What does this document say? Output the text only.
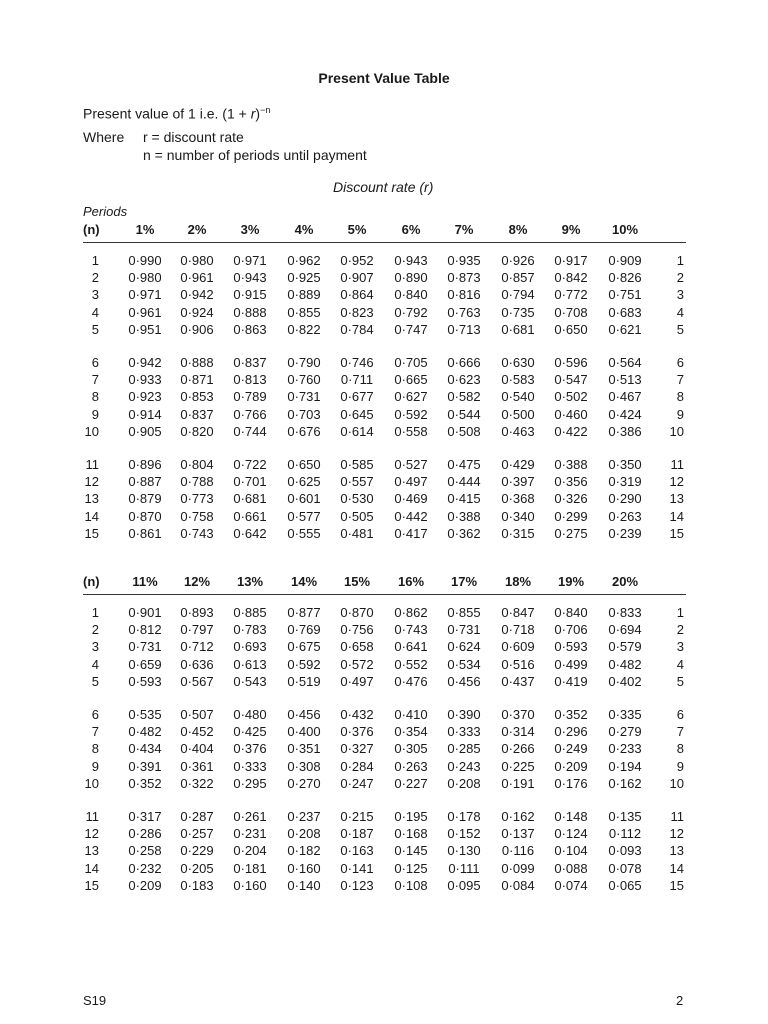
Present Value Table
Present value of 1 i.e. $(1 + r)^{-n}$
Where r = discount rate
n = number of periods until payment
Discount rate (r)
Periods
(n)	1%	2%	3%	4%	5%	6%	7%	8%	9%	10%
1	0·990	0·980	0·971	0·962	0·952	0·943	0·935	0·926	0·917	0·909	1
2	0·980	0·961	0·943	0·925	0·907	0·890	0·873	0·857	0·842	0·826	2
3	0·971	0·942	0·915	0·889	0·864	0·840	0·816	0·794	0·772	0·751	3
4	0·961	0·924	0·888	0·855	0·823	0·792	0·763	0·735	0·708	0·683	4
5	0·951	0·906	0·863	0·822	0·784	0·747	0·713	0·681	0·650	0·621	5
6	0·942	0·888	0·837	0·790	0·746	0·705	0·666	0·630	0·596	0·564	6
7	0·933	0·871	0·813	0·760	0·711	0·665	0·623	0·583	0·547	0·513	7
8	0·923	0·853	0·789	0·731	0·677	0·627	0·582	0·540	0·502	0·467	8
9	0·914	0·837	0·766	0·703	0·645	0·592	0·544	0·500	0·460	0·424	9
10	0·905	0·820	0·744	0·676	0·614	0·558	0·508	0·463	0·422	0·386	10
11	0·896	0·804	0·722	0·650	0·585	0·527	0·475	0·429	0·388	0·350	11
12	0·887	0·788	0·701	0·625	0·557	0·497	0·444	0·397	0·356	0·319	12
13	0·879	0·773	0·681	0·601	0·530	0·469	0·415	0·368	0·326	0·290	13
14	0·870	0·758	0·661	0·577	0·505	0·442	0·388	0·340	0·299	0·263	14
15	0·861	0·743	0·642	0·555	0·481	0·417	0·362	0·315	0·275	0·239	15
(n)	11%	12%	13%	14%	15%	16%	17%	18%	19%	20%
1	0·901	0·893	0·885	0·877	0·870	0·862	0·855	0·847	0·840	0·833	1
2	0·812	0·797	0·783	0·769	0·756	0·743	0·731	0·718	0·706	0·694	2
3	0·731	0·712	0·693	0·675	0·658	0·641	0·624	0·609	0·593	0·579	3
4	0·659	0·636	0·613	0·592	0·572	0·552	0·534	0·516	0·499	0·482	4
5	0·593	0·567	0·543	0·519	0·497	0·476	0·456	0·437	0·419	0·402	5
6	0·535	0·507	0·480	0·456	0·432	0·410	0·390	0·370	0·352	0·335	6
7	0·482	0·452	0·425	0·400	0·376	0·354	0·333	0·314	0·296	0·279	7
8	0·434	0·404	0·376	0·351	0·327	0·305	0·285	0·266	0·249	0·233	8
9	0·391	0·361	0·333	0·308	0·284	0·263	0·243	0·225	0·209	0·194	9
10	0·352	0·322	0·295	0·270	0·247	0·227	0·208	0·191	0·176	0·162	10
11	0·317	0·287	0·261	0·237	0·215	0·195	0·178	0·162	0·148	0·135	11
12	0·286	0·257	0·231	0·208	0·187	0·168	0·152	0·137	0·124	0·112	12
13	0·258	0·229	0·204	0·182	0·163	0·145	0·130	0·116	0·104	0·093	13
14	0·232	0·205	0·181	0·160	0·141	0·125	0·111	0·099	0·088	0·078	14
15	0·209	0·183	0·160	0·140	0·123	0·108	0·095	0·084	0·074	0·065	15
S19	2
